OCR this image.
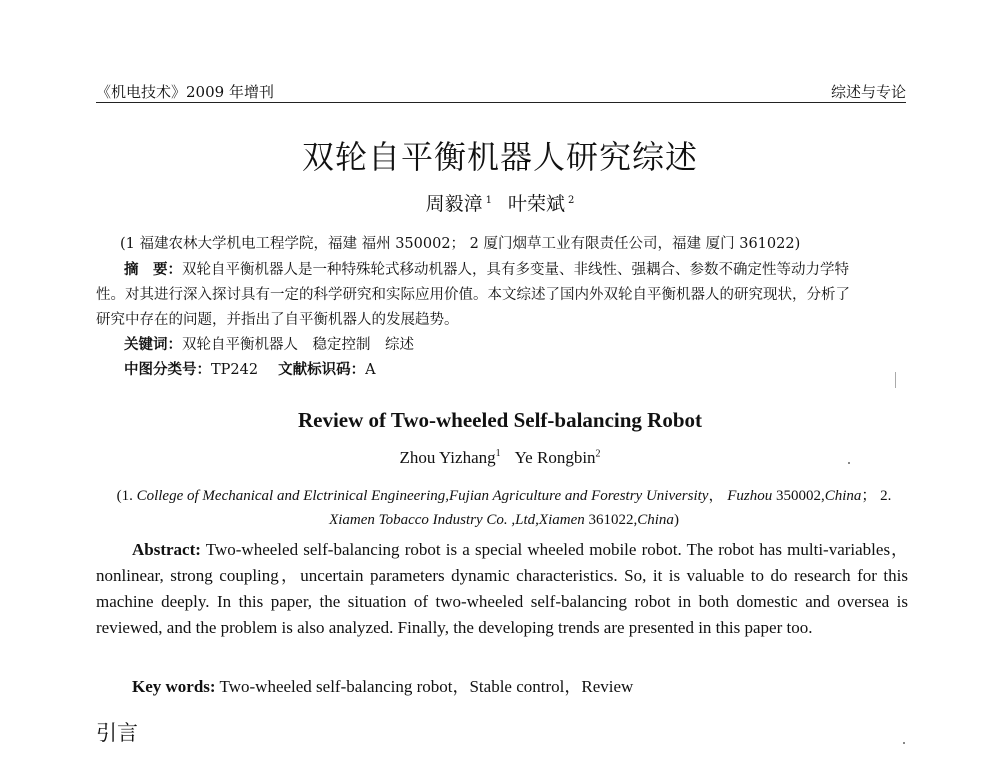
《机电技术》2009 年增刊	综述与专论
双轮自平衡机器人研究综述
周毅漳 $^1$ 叶荣斌 $^2$
(1 福建农林大学机电工程学院，福建 福州 350002； 2 厦门烟草工业有限责任公司，福建 厦门 361022)
摘　要：双轮自平衡机器人是一种特殊轮式移动机器人，具有多变量、非线性、强耦合、参数不确定性等动力学特
性。对其进行深入探讨具有一定的科学研究和实际应用价值。本文综述了国内外双轮自平衡机器人的研究现状，分析了
研究中存在的问题，并指出了自平衡机器人的发展趋势。
关键词：双轮自平衡机器人　稳定控制　综述
中图分类号：TP242 文献标识码：A
Review of Two-wheeled Self-balancing Robot
Zhou Yizhang$^1$ Ye Rongbin$^2$
(1. College of Mechanical and Elctrinical Engineering,Fujian Agriculture and Forestry University， Fuzhou 350002,China； 2.
Xiamen Tobacco Industry Co. ,Ltd,Xiamen 361022,China)

Abstract: Two-wheeled self-balancing robot is a special wheeled mobile robot. The robot has multi-variables，nonlinear, strong coupling，uncertain parameters dynamic characteristics. So, it is valuable to do research for this machine deeply. In this paper, the situation of two-wheeled self-balancing robot in both domestic and oversea is reviewed, and the problem is also analyzed. Finally, the developing trends are presented in this paper too.

Key words: Two-wheeled self-balancing robot，Stable control，Review
引言
